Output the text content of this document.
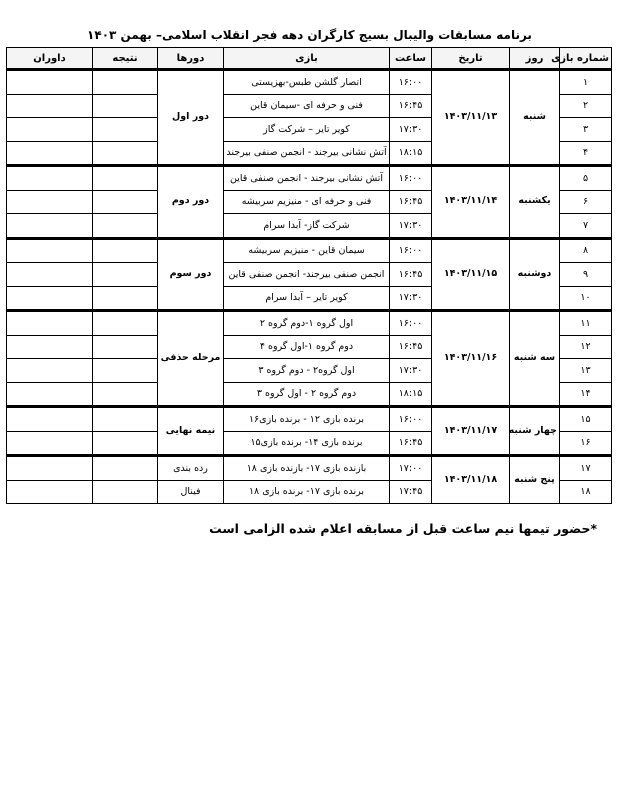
برنامه مسابقات والیبال بسیج کارگران دهه فجر انقلاب اسلامی– بهمن ۱۴۰۳
شماره بازی	روز	تاریخ	ساعت	بازی	دورها	نتیجه	داوران
۱	شنبه	۱۴۰۳/۱۱/۱۳	۱۶:۰۰	اتصار گلشن طبس-بهزیستی	دور اول		
۲			۱۶:۴۵	فنی و حرفه ای -سیمان قاین			
۳			۱۷:۳۰	کویر تایر – شرکت گاز			
۴			۱۸:۱۵	آتش نشانی بیرجند - انجمن صنفی بیرجند			
۵	یکشنبه	۱۴۰۳/۱۱/۱۴	۱۶:۰۰	آتش نشانی بیرجند - انجمن صنفی قاین	دور دوم		
۶			۱۶:۴۵	فنی و حرفه ای - منیزیم سربیشه			
۷			۱۷:۳۰	شرکت گاز- آبدا سرام			
۸	دوشنبه	۱۴۰۳/۱۱/۱۵	۱۶:۰۰	سیمان قاین - منیزیم سربیشه	دور سوم		
۹			۱۶:۴۵	انجمن صنفی بیرجند- انجمن صنفی قاین			
۱۰			۱۷:۳۰	کویر تایر – آبدا سرام			
۱۱	سه شنبه	۱۴۰۳/۱۱/۱۶	۱۶:۰۰	اول گروه ۱-دوم گروه ۲	مرحله حذفی		
۱۲			۱۶:۴۵	دوم گروه ۱-اول گروه ۴			
۱۳			۱۷:۳۰	اول گروه۲ - دوم گروه ۳			
۱۴			۱۸:۱۵	دوم گروه ۲ - اول گروه ۳			
۱۵	چهار شنبه	۱۴۰۳/۱۱/۱۷	۱۶:۰۰	برنده بازی ۱۲ - برنده بازی۱۶	نیمه نهایی		
۱۶			۱۶:۴۵	برنده بازی ۱۴- برنده بازی۱۵			
۱۷	پنج شنبه	۱۴۰۳/۱۱/۱۸	۱۷:۰۰	بازنده بازی ۱۷- بازنده بازی ۱۸	رده بندی		
۱۸			۱۷:۴۵	برنده بازی ۱۷- برنده بازی ۱۸	فینال		
*حضور تیمها نیم ساعت قبل از مسابقه اعلام شده الزامی است
